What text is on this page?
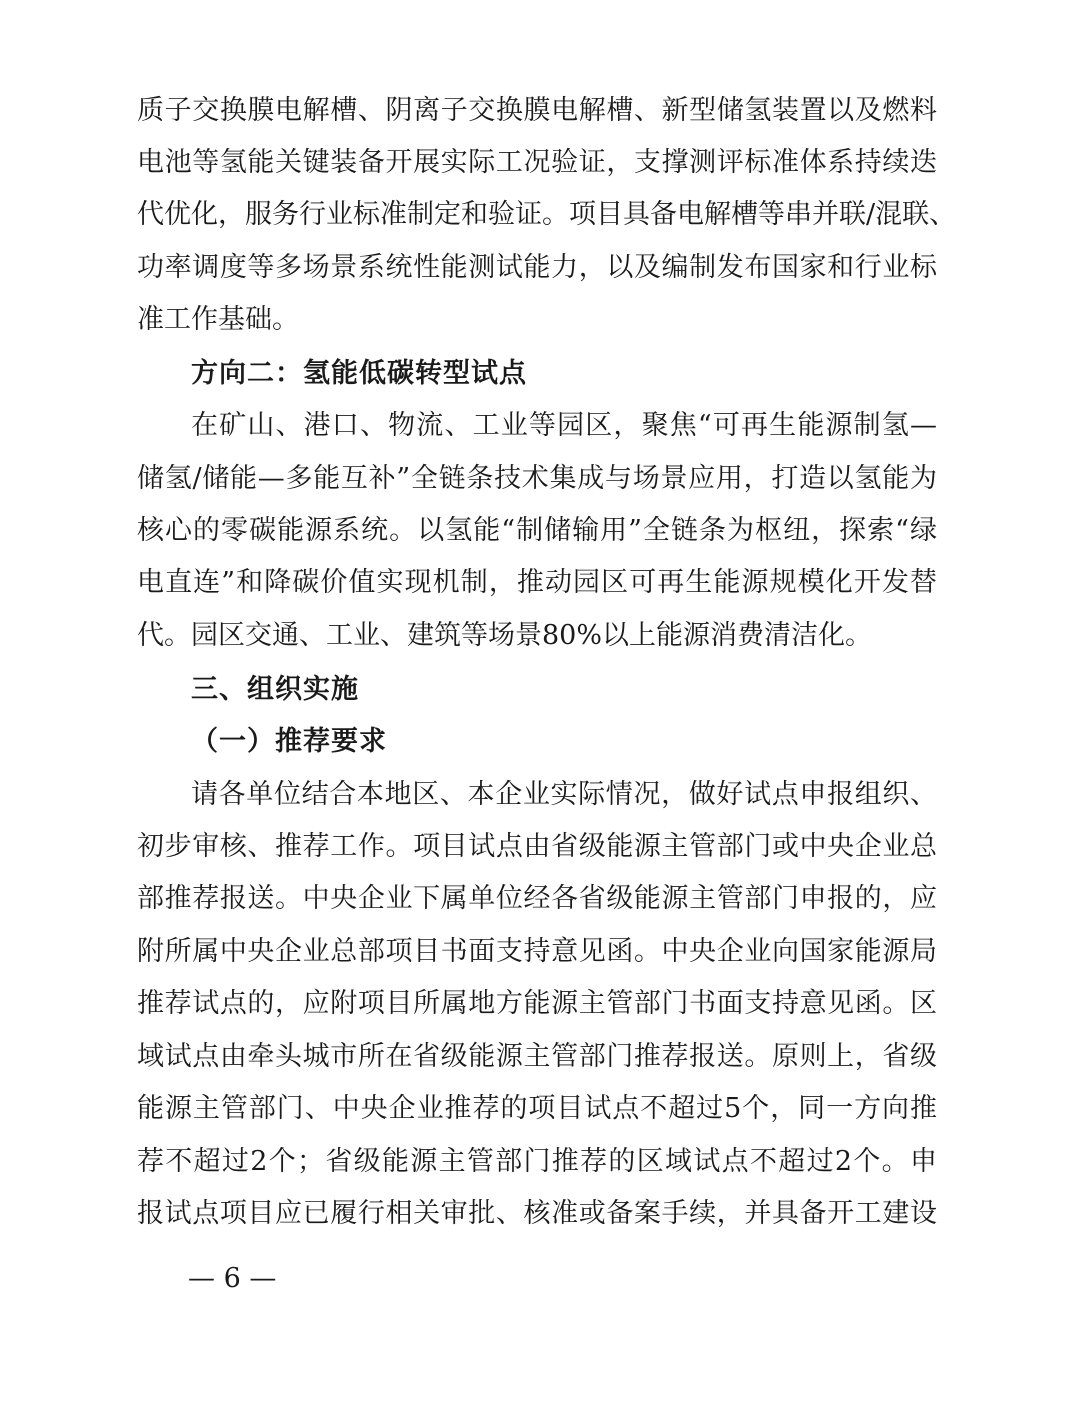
质子交换膜电解槽、阴离子交换膜电解槽、新型储氢装置以及燃料
电池等氢能关键装备开展实际工况验证，支撑测评标准体系持续迭
代优化，服务行业标准制定和验证。项目具备电解槽等串并联/混联、
功率调度等多场景系统性能测试能力，以及编制发布国家和行业标
准工作基础。
方向二：氢能低碳转型试点
在矿山、港口、物流、工业等园区，聚焦“可再生能源制氢—
储氢/储能—多能互补”全链条技术集成与场景应用，打造以氢能为
核心的零碳能源系统。以氢能“制储输用”全链条为枢纽，探索“绿
电直连”和降碳价值实现机制，推动园区可再生能源规模化开发替
代。园区交通、工业、建筑等场景80%以上能源消费清洁化。
三、组织实施
（一）推荐要求
请各单位结合本地区、本企业实际情况，做好试点申报组织、
初步审核、推荐工作。项目试点由省级能源主管部门或中央企业总
部推荐报送。中央企业下属单位经各省级能源主管部门申报的，应
附所属中央企业总部项目书面支持意见函。中央企业向国家能源局
推荐试点的，应附项目所属地方能源主管部门书面支持意见函。区
域试点由牵头城市所在省级能源主管部门推荐报送。原则上，省级
能源主管部门、中央企业推荐的项目试点不超过5个，同一方向推
荐不超过2个；省级能源主管部门推荐的区域试点不超过2个。申
报试点项目应已履行相关审批、核准或备案手续，并具备开工建设
— 6 —
